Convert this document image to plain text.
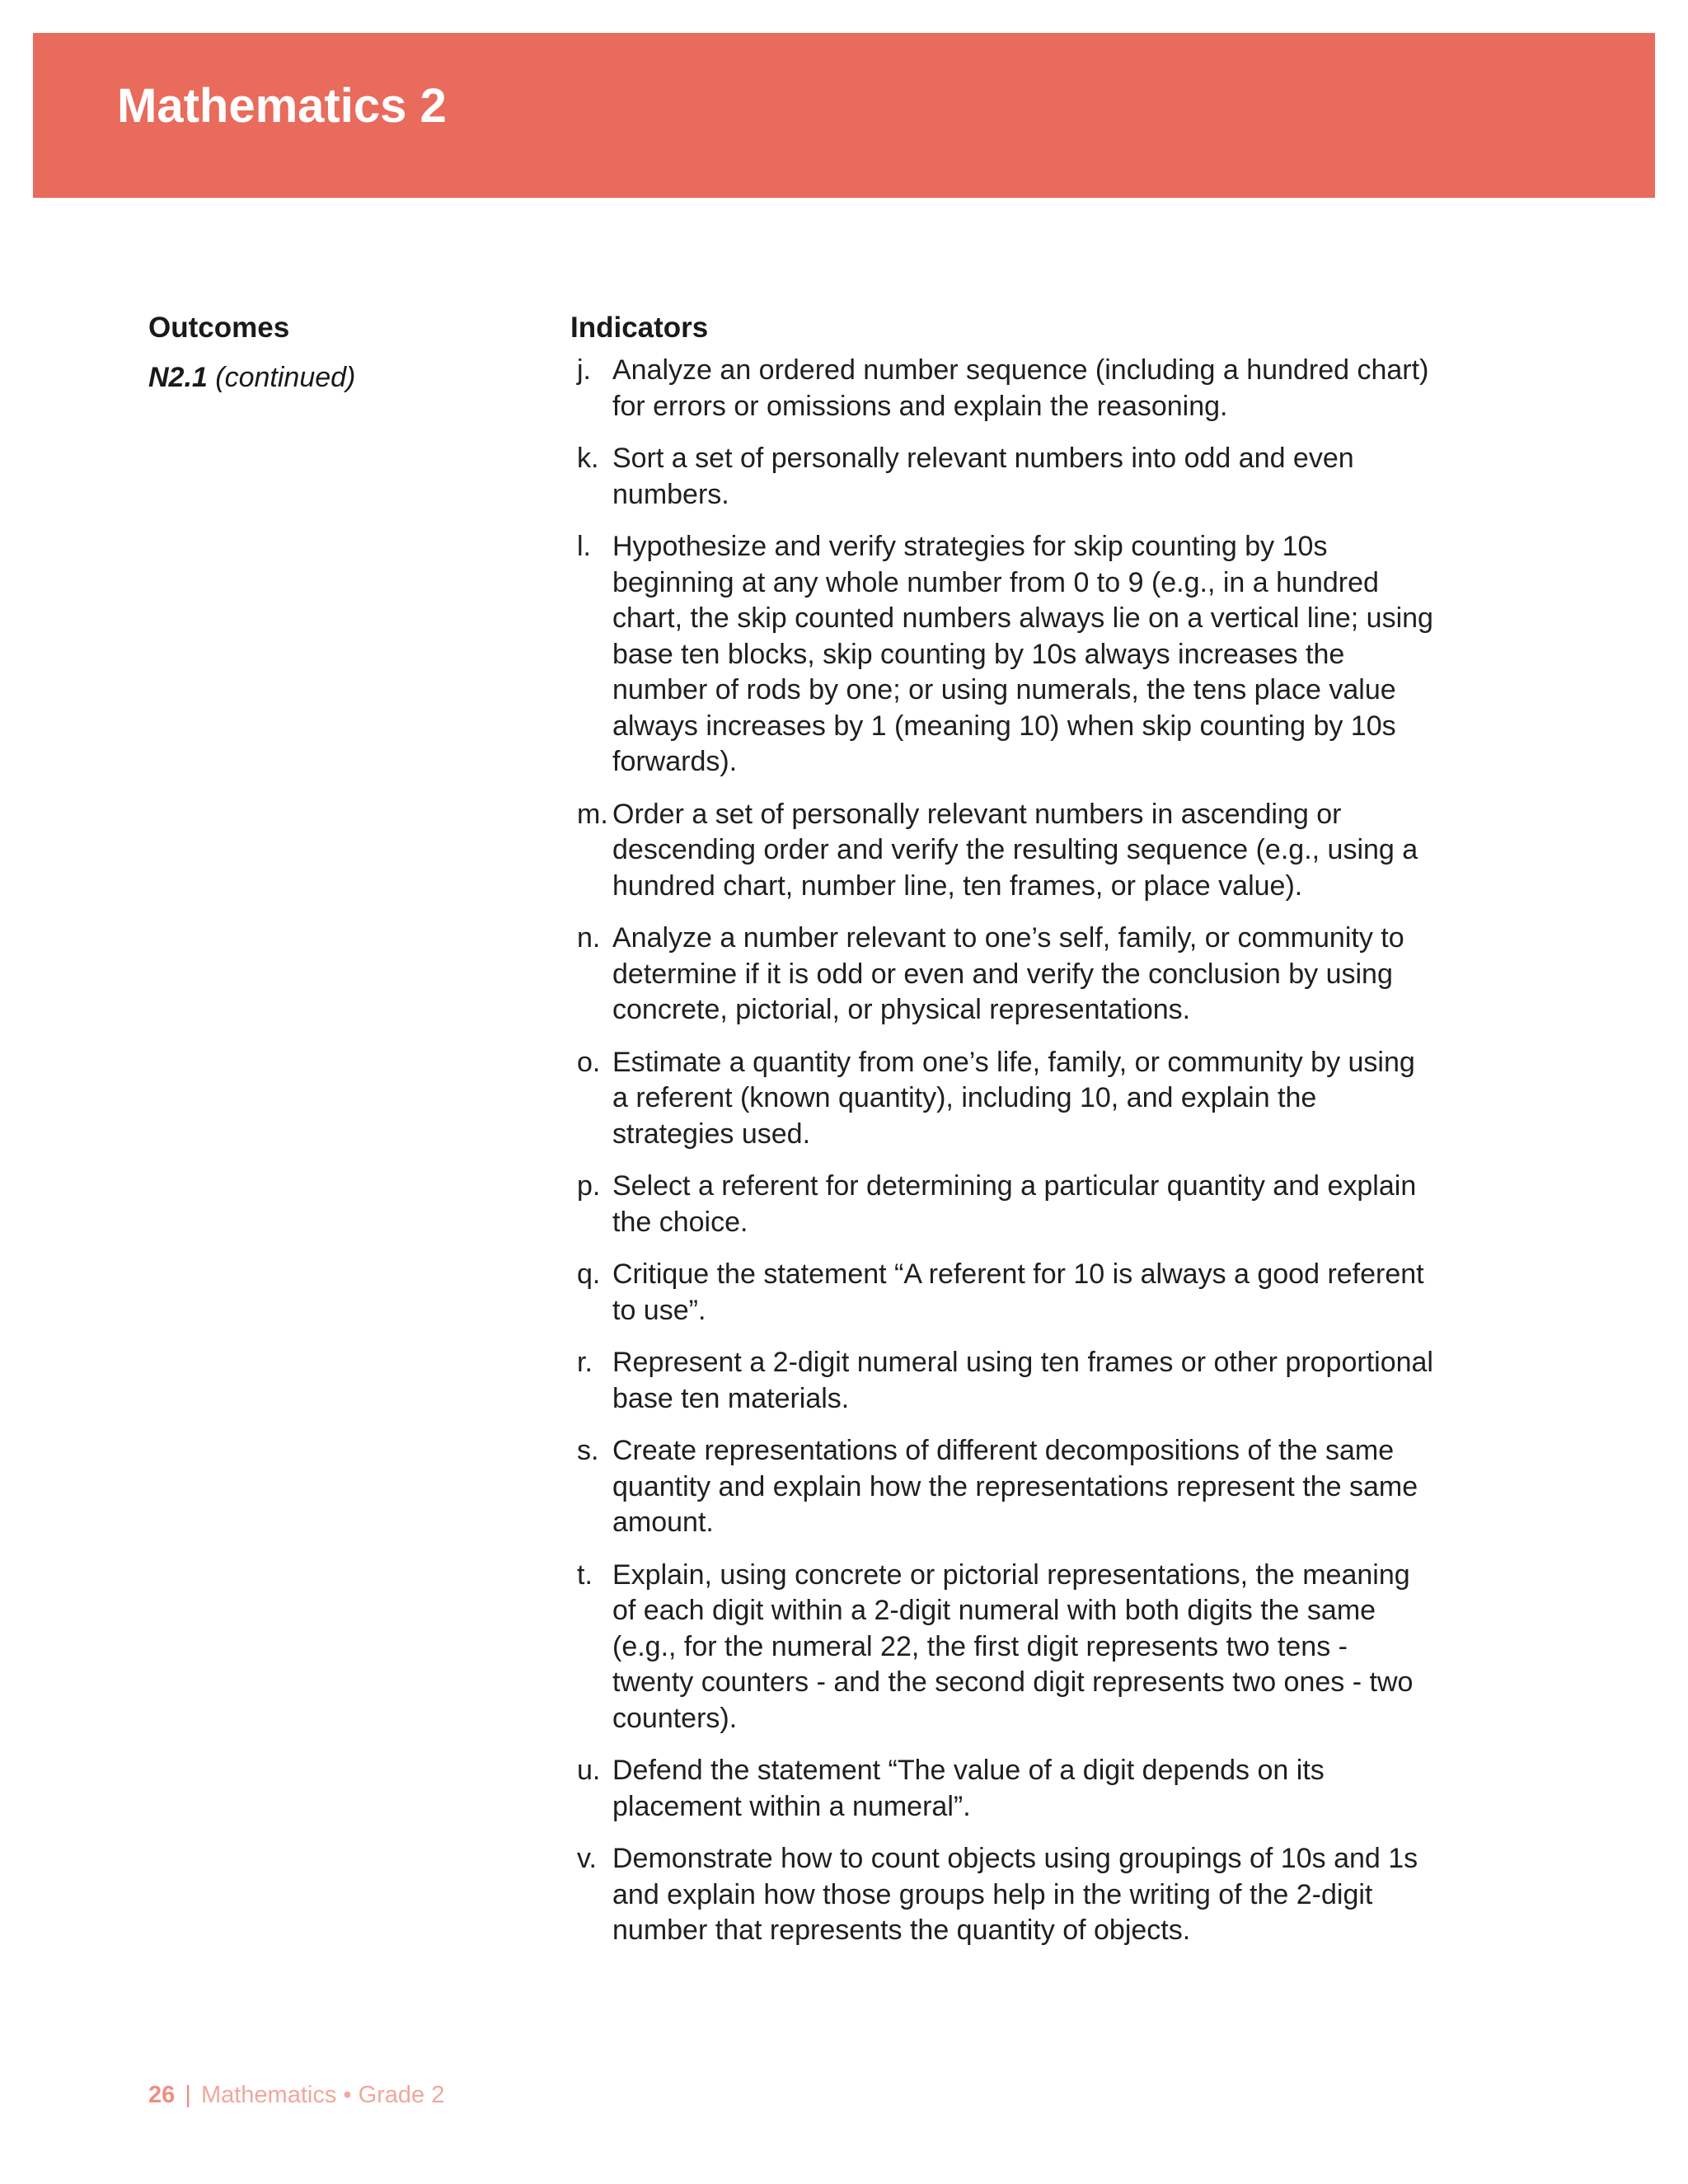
Mathematics 2
Outcomes	Indicators
N2.1 (continued)	j. Analyze an ordered number sequence (including a hundred chart) for errors or omissions and explain the reasoning.
k. Sort a set of personally relevant numbers into odd and even numbers.
l. Hypothesize and verify strategies for skip counting by 10s beginning at any whole number from 0 to 9 (e.g., in a hundred chart, the skip counted numbers always lie on a vertical line; using base ten blocks, skip counting by 10s always increases the number of rods by one; or using numerals, the tens place value always increases by 1 (meaning 10) when skip counting by 10s forwards).
m. Order a set of personally relevant numbers in ascending or descending order and verify the resulting sequence (e.g., using a hundred chart, number line, ten frames, or place value).
n. Analyze a number relevant to one’s self, family, or community to determine if it is odd or even and verify the conclusion by using concrete, pictorial, or physical representations.
o. Estimate a quantity from one’s life, family, or community by using a referent (known quantity), including 10, and explain the strategies used.
p. Select a referent for determining a particular quantity and explain the choice.
q. Critique the statement “A referent for 10 is always a good referent to use”.
r. Represent a 2-digit numeral using ten frames or other proportional base ten materials.
s. Create representations of different decompositions of the same quantity and explain how the representations represent the same amount.
t. Explain, using concrete or pictorial representations, the meaning of each digit within a 2-digit numeral with both digits the same (e.g., for the numeral 22, the first digit represents two tens - twenty counters - and the second digit represents two ones - two counters).
u. Defend the statement “The value of a digit depends on its placement within a numeral”.
v. Demonstrate how to count objects using groupings of 10s and 1s and explain how those groups help in the writing of the 2-digit number that represents the quantity of objects.
26 | Mathematics • Grade 2
